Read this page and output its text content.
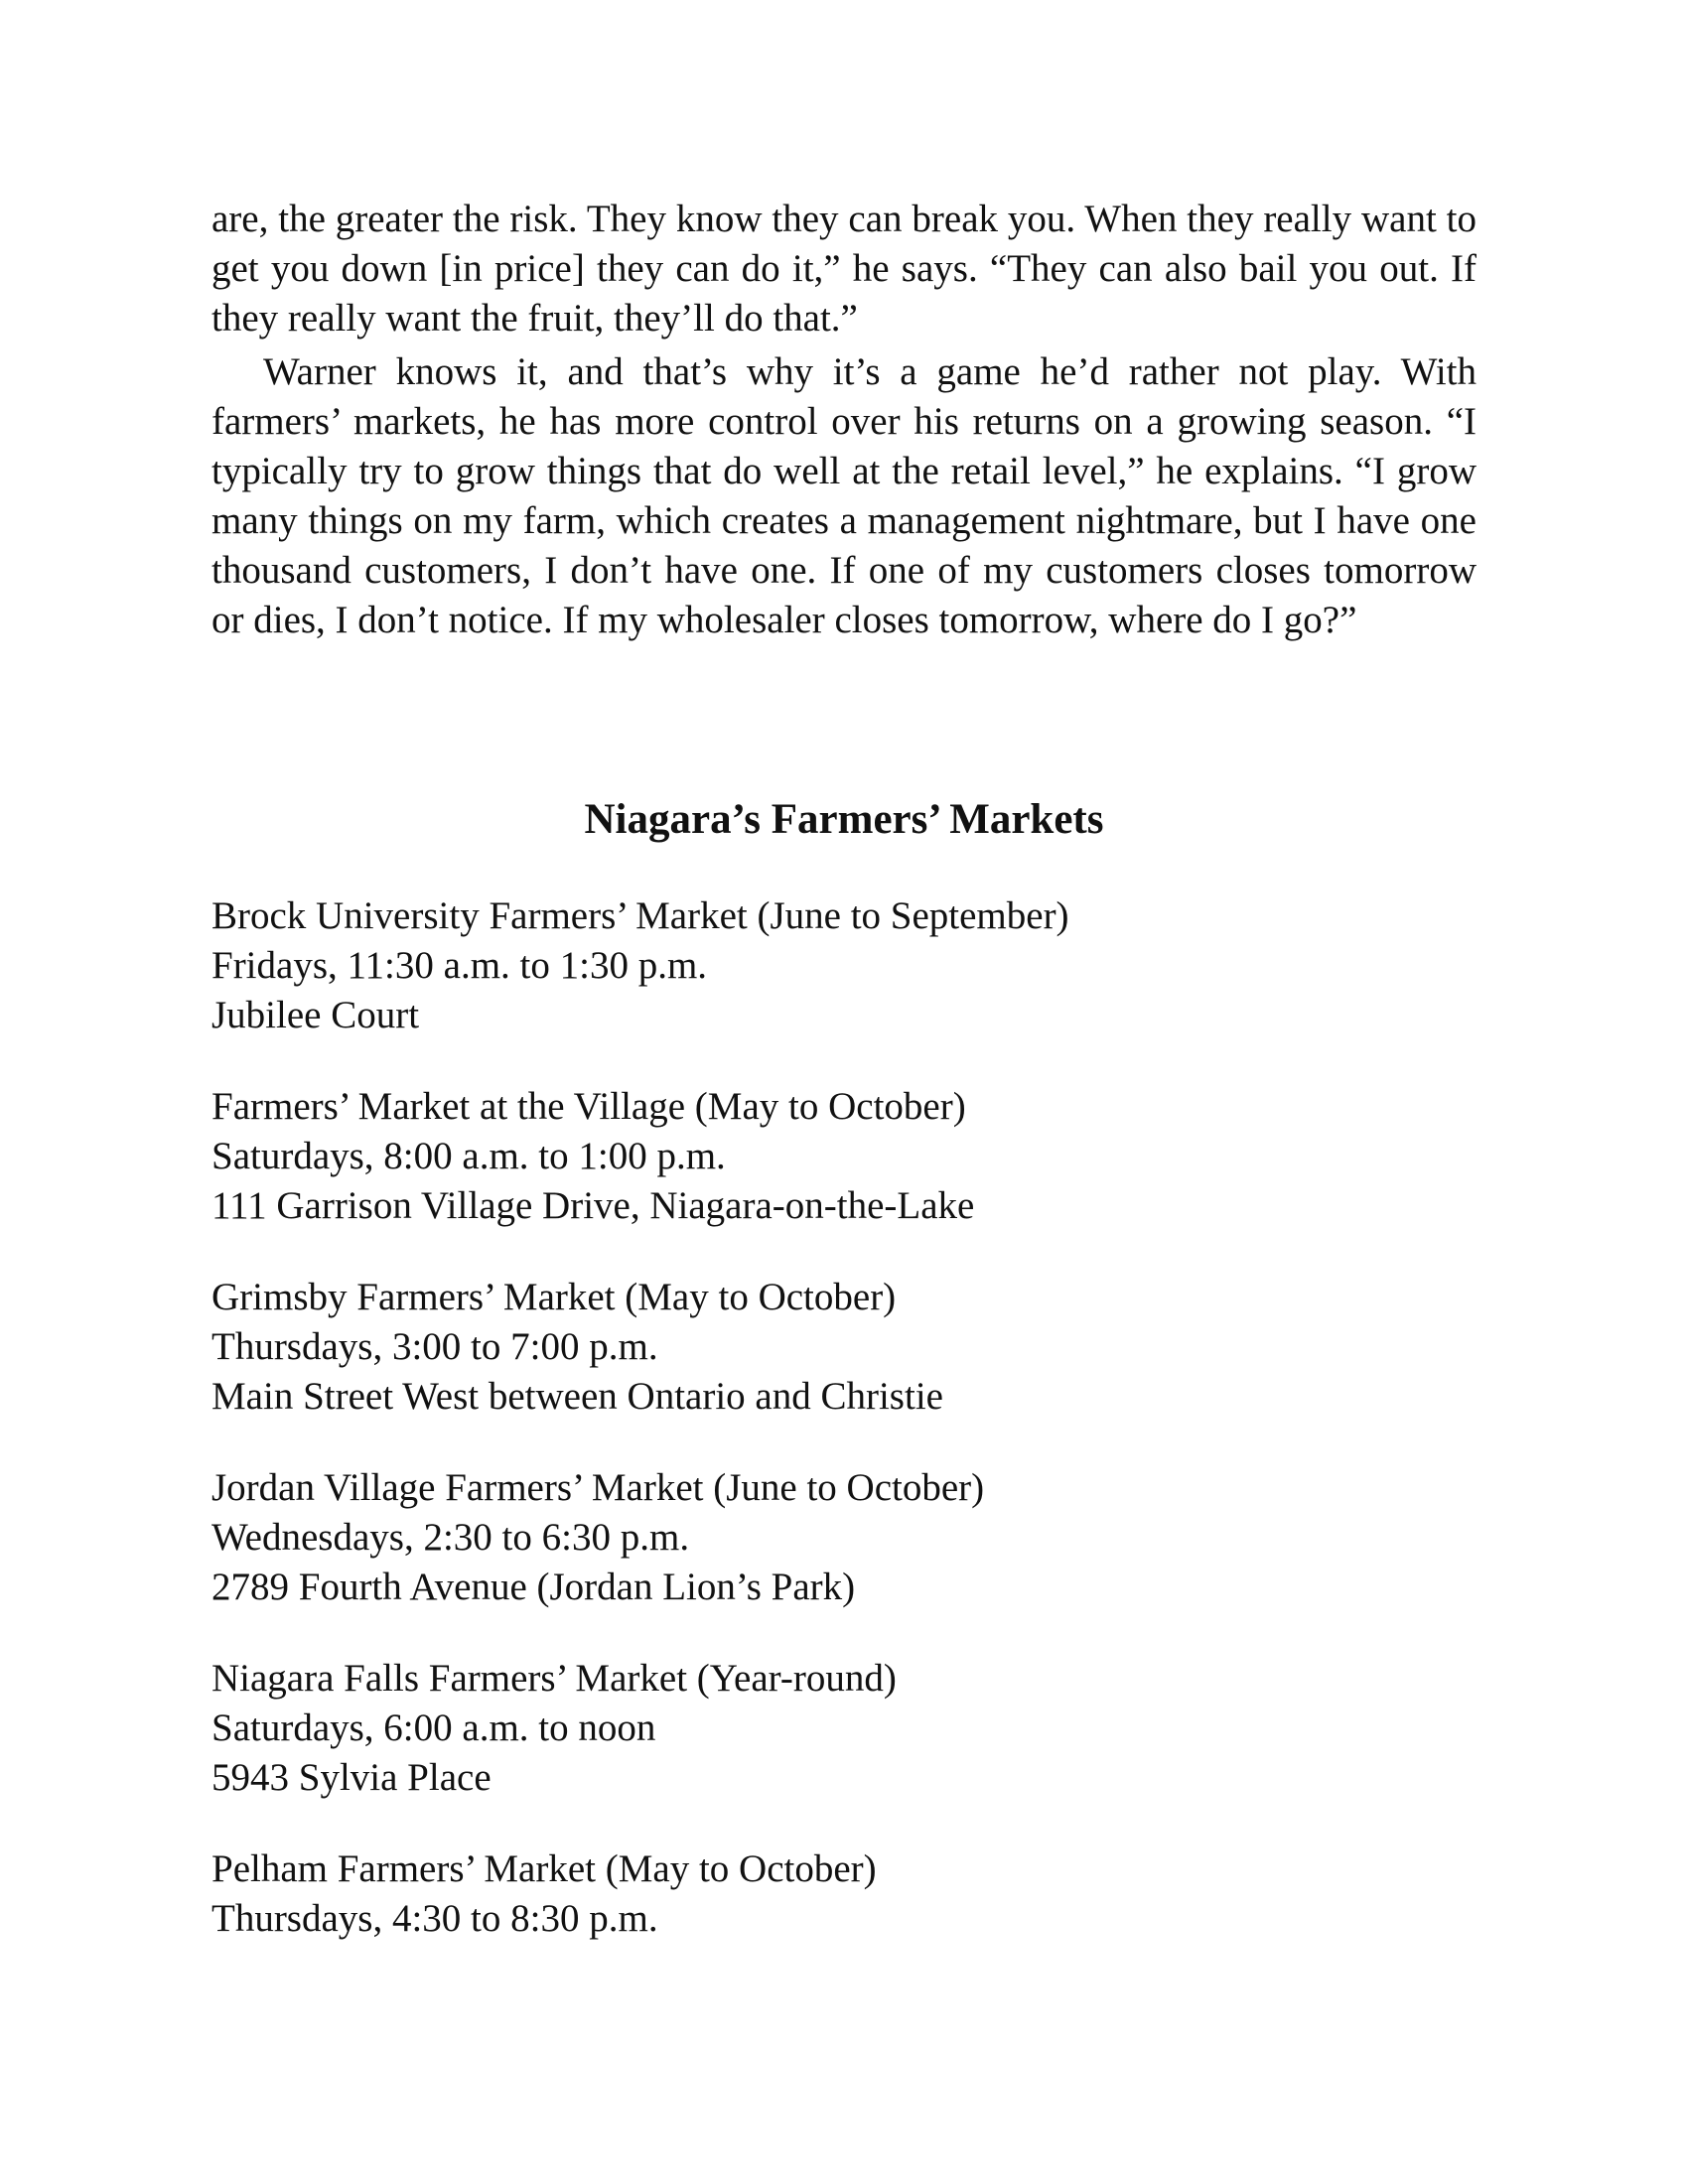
are, the greater the risk. They know they can break you. When they really want to get you down [in price] they can do it,” he says. “They can also bail you out. If they really want the fruit, they’ll do that.”

Warner knows it, and that’s why it’s a game he’d rather not play. With farmers’ markets, he has more control over his returns on a growing season. “I typically try to grow things that do well at the retail level,” he explains. “I grow many things on my farm, which creates a management nightmare, but I have one thousand customers, I don’t have one. If one of my customers closes tomorrow or dies, I don’t notice. If my wholesaler closes tomorrow, where do I go?”

Niagara’s Farmers’ Markets
Brock University Farmers’ Market (June to September)
Fridays, 11:30 a.m. to 1:30 p.m.
Jubilee Court
Farmers’ Market at the Village (May to October)
Saturdays, 8:00 a.m. to 1:00 p.m.
111 Garrison Village Drive, Niagara-on-the-Lake
Grimsby Farmers’ Market (May to October)
Thursdays, 3:00 to 7:00 p.m.
Main Street West between Ontario and Christie
Jordan Village Farmers’ Market (June to October)
Wednesdays, 2:30 to 6:30 p.m.
2789 Fourth Avenue (Jordan Lion’s Park)
Niagara Falls Farmers’ Market (Year-round)
Saturdays, 6:00 a.m. to noon
5943 Sylvia Place
Pelham Farmers’ Market (May to October)
Thursdays, 4:30 to 8:30 p.m.
